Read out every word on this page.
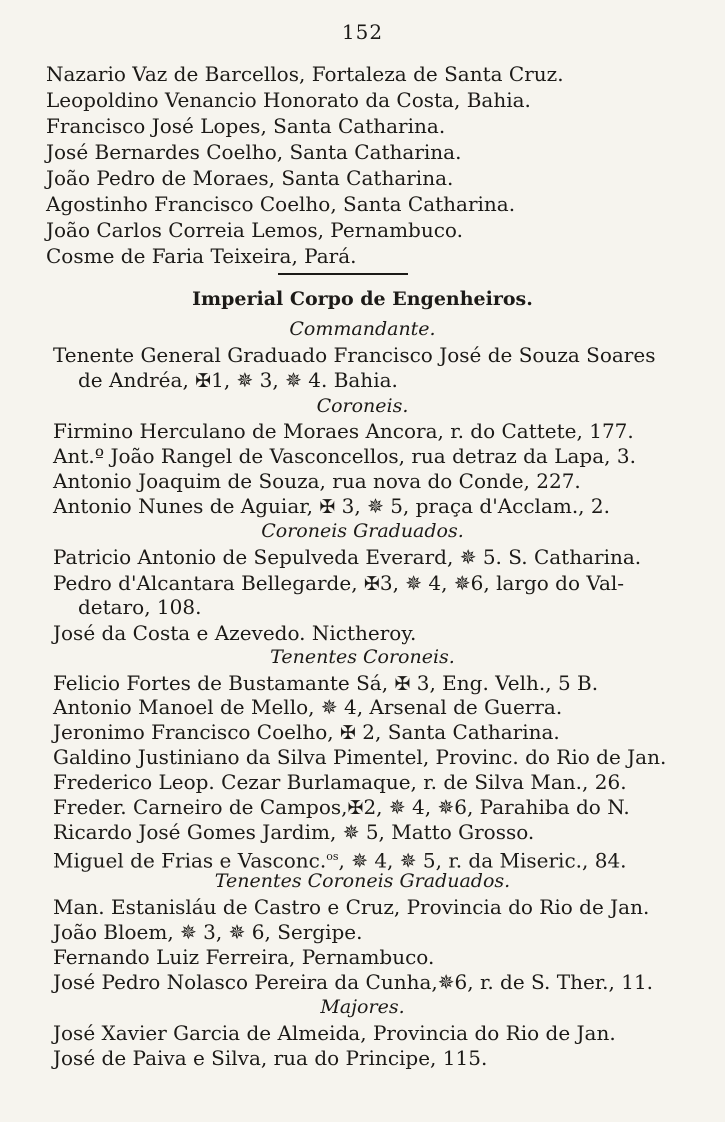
152
Nazario Vaz de Barcellos, Fortaleza de Santa Cruz.
Leopoldino Venancio Honorato da Costa, Bahia.
Francisco José Lopes, Santa Catharina.
José Bernardes Coelho, Santa Catharina.
João Pedro de Moraes, Santa Catharina.
Agostinho Francisco Coelho, Santa Catharina.
João Carlos Correia Lemos, Pernambuco.
Cosme de Faria Teixeira, Pará.
Imperial Corpo de Engenheiros.
Commandante.
Tenente General Graduado Francisco José de Souza Soares
de Andréa, ✠1, ✵ 3, ✵ 4. Bahia.
Coroneis.
Firmino Herculano de Moraes Ancora, r. do Cattete, 177.
Ant.º João Rangel de Vasconcellos, rua detraz da Lapa, 3.
Antonio Joaquim de Souza, rua nova do Conde, 227.
Antonio Nunes de Aguiar, ✠ 3, ✵ 5, praça d'Acclam., 2.
Coroneis Graduados.
Patricio Antonio de Sepulveda Everard, ✵ 5. S. Catharina.
Pedro d'Alcantara Bellegarde, ✠3, ✵ 4, ✵6, largo do Val-
detaro, 108.
José da Costa e Azevedo. Nictheroy.
Tenentes Coroneis.
Felicio Fortes de Bustamante Sá, ✠ 3, Eng. Velh., 5 B.
Antonio Manoel de Mello, ✵ 4, Arsenal de Guerra.
Jeronimo Francisco Coelho, ✠ 2, Santa Catharina.
Galdino Justiniano da Silva Pimentel, Provinc. do Rio de Jan.
Frederico Leop. Cezar Burlamaque, r. de Silva Man., 26.
Freder. Carneiro de Campos,✠2, ✵ 4, ✵6, Parahiba do N.
Ricardo José Gomes Jardim, ✵ 5, Matto Grosso.
Miguel de Frias e Vasconc.$^{os}$, ✵ 4, ✵ 5, r. da Miseric., 84.
Tenentes Coroneis Graduados.
Man. Estanisláu de Castro e Cruz, Provincia do Rio de Jan.
João Bloem, ✵ 3, ✵ 6, Sergipe.
Fernando Luiz Ferreira, Pernambuco.
José Pedro Nolasco Pereira da Cunha,✵6, r. de S. Ther., 11.
Majores.
José Xavier Garcia de Almeida, Provincia do Rio de Jan.
José de Paiva e Silva, rua do Principe, 115.
